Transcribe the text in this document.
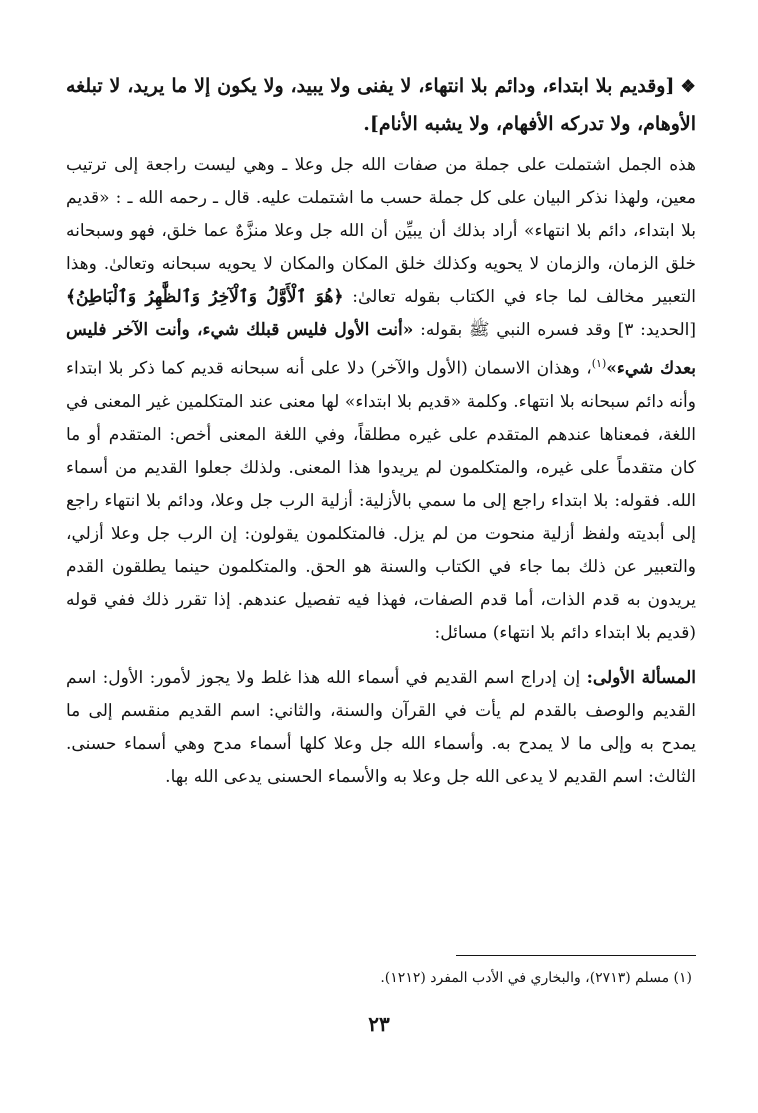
❖[وقديم بلا ابتداء، ودائم بلا انتهاء، لا يفنى ولا يبيد، ولا يكون إلا ما يريد، لا تبلغه الأوهام، ولا تدركه الأفهام، ولا يشبه الأنام].

هذه الجمل اشتملت على جملة من صفات الله جل وعلا ـ وهي ليست راجعة إلى ترتيب معين، ولهذا نذكر البيان على كل جملة حسب ما اشتملت عليه. قال ـ رحمه الله ـ : «قديم بلا ابتداء، دائم بلا انتهاء» أراد بذلك أن يبيِّن أن الله جل وعلا منزَّهٌ عما خلق، فهو وسبحانه خلق الزمان، والزمان لا يحويه وكذلك خلق المكان والمكان لا يحويه سبحانه وتعالىٰ. وهذا التعبير مخالف لما جاء في الكتاب بقوله تعالىٰ: ﴿هُوَ ٱلْأَوَّلُ وَٱلْآخِرُ وَٱلظَّٰهِرُ وَٱلْبَاطِنُ﴾ [الحديد: ٣] وقد فسره النبي ﷺ بقوله: «أنت الأول فليس قبلك شيء، وأنت الآخر فليس بعدك شيء»$^{(١)}$، وهذان الاسمان (الأول والآخر) دلا على أنه سبحانه قديم كما ذكر بلا ابتداء وأنه دائم سبحانه بلا انتهاء. وكلمة «قديم بلا ابتداء» لها معنى عند المتكلمين غير المعنى في اللغة، فمعناها عندهم المتقدم على غيره مطلقاً، وفي اللغة المعنى أخص: المتقدم أو ما كان متقدماً على غيره، والمتكلمون لم يريدوا هذا المعنى. ولذلك جعلوا القديم من أسماء الله. فقوله: بلا ابتداء راجع إلى ما سمي بالأزلية: أزلية الرب جل وعلا، ودائم بلا انتهاء راجع إلى أبديته ولفظ أزلية منحوت من لم يزل. فالمتكلمون يقولون: إن الرب جل وعلا أزلي، والتعبير عن ذلك بما جاء في الكتاب والسنة هو الحق. والمتكلمون حينما يطلقون القدم يريدون به قدم الذات، أما قدم الصفات، فهذا فيه تفصيل عندهم. إذا تقرر ذلك ففي قوله (قديم بلا ابتداء دائم بلا انتهاء) مسائل:

المسألة الأولى: إن إدراج اسم القديم في أسماء الله هذا غلط ولا يجوز لأمور: الأول: اسم القديم والوصف بالقدم لم يأت في القرآن والسنة، والثاني: اسم القديم منقسم إلى ما يمدح به وإلى ما لا يمدح به. وأسماء الله جل وعلا كلها أسماء مدح وهي أسماء حسنى. الثالث: اسم القديم لا يدعى الله جل وعلا به والأسماء الحسنى يدعى الله بها.

(١) مسلم (٢٧١٣)، والبخاري في الأدب المفرد (١٢١٢).
٢٣
